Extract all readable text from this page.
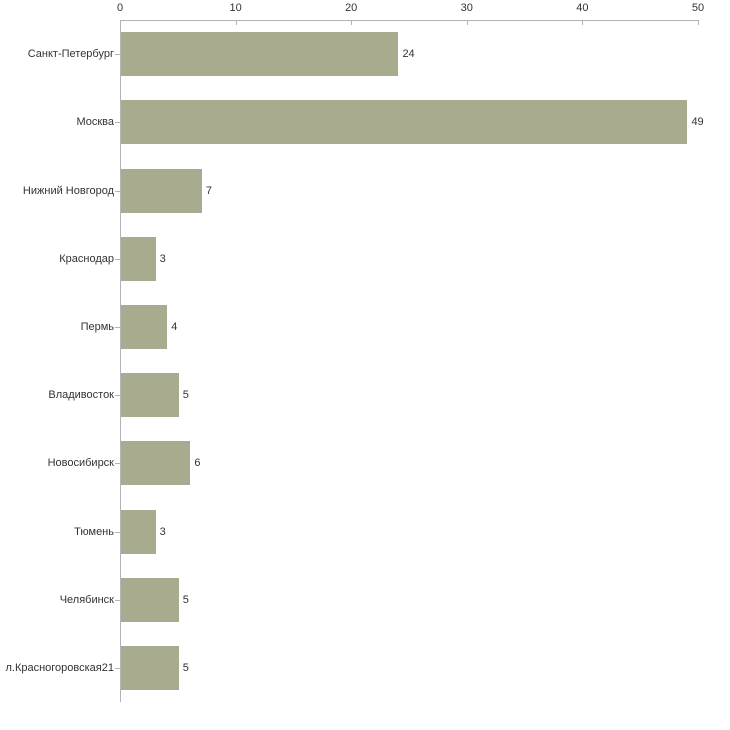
0	10	20	30	40	50
Санкт-Петербург	24
Москва	49
Нижний Новгород	7
Краснодар	3
Пермь	4
Владивосток	5
Новосибирск	6
Тюмень	3
Челябинск	5
л.Красногоровская21	5
